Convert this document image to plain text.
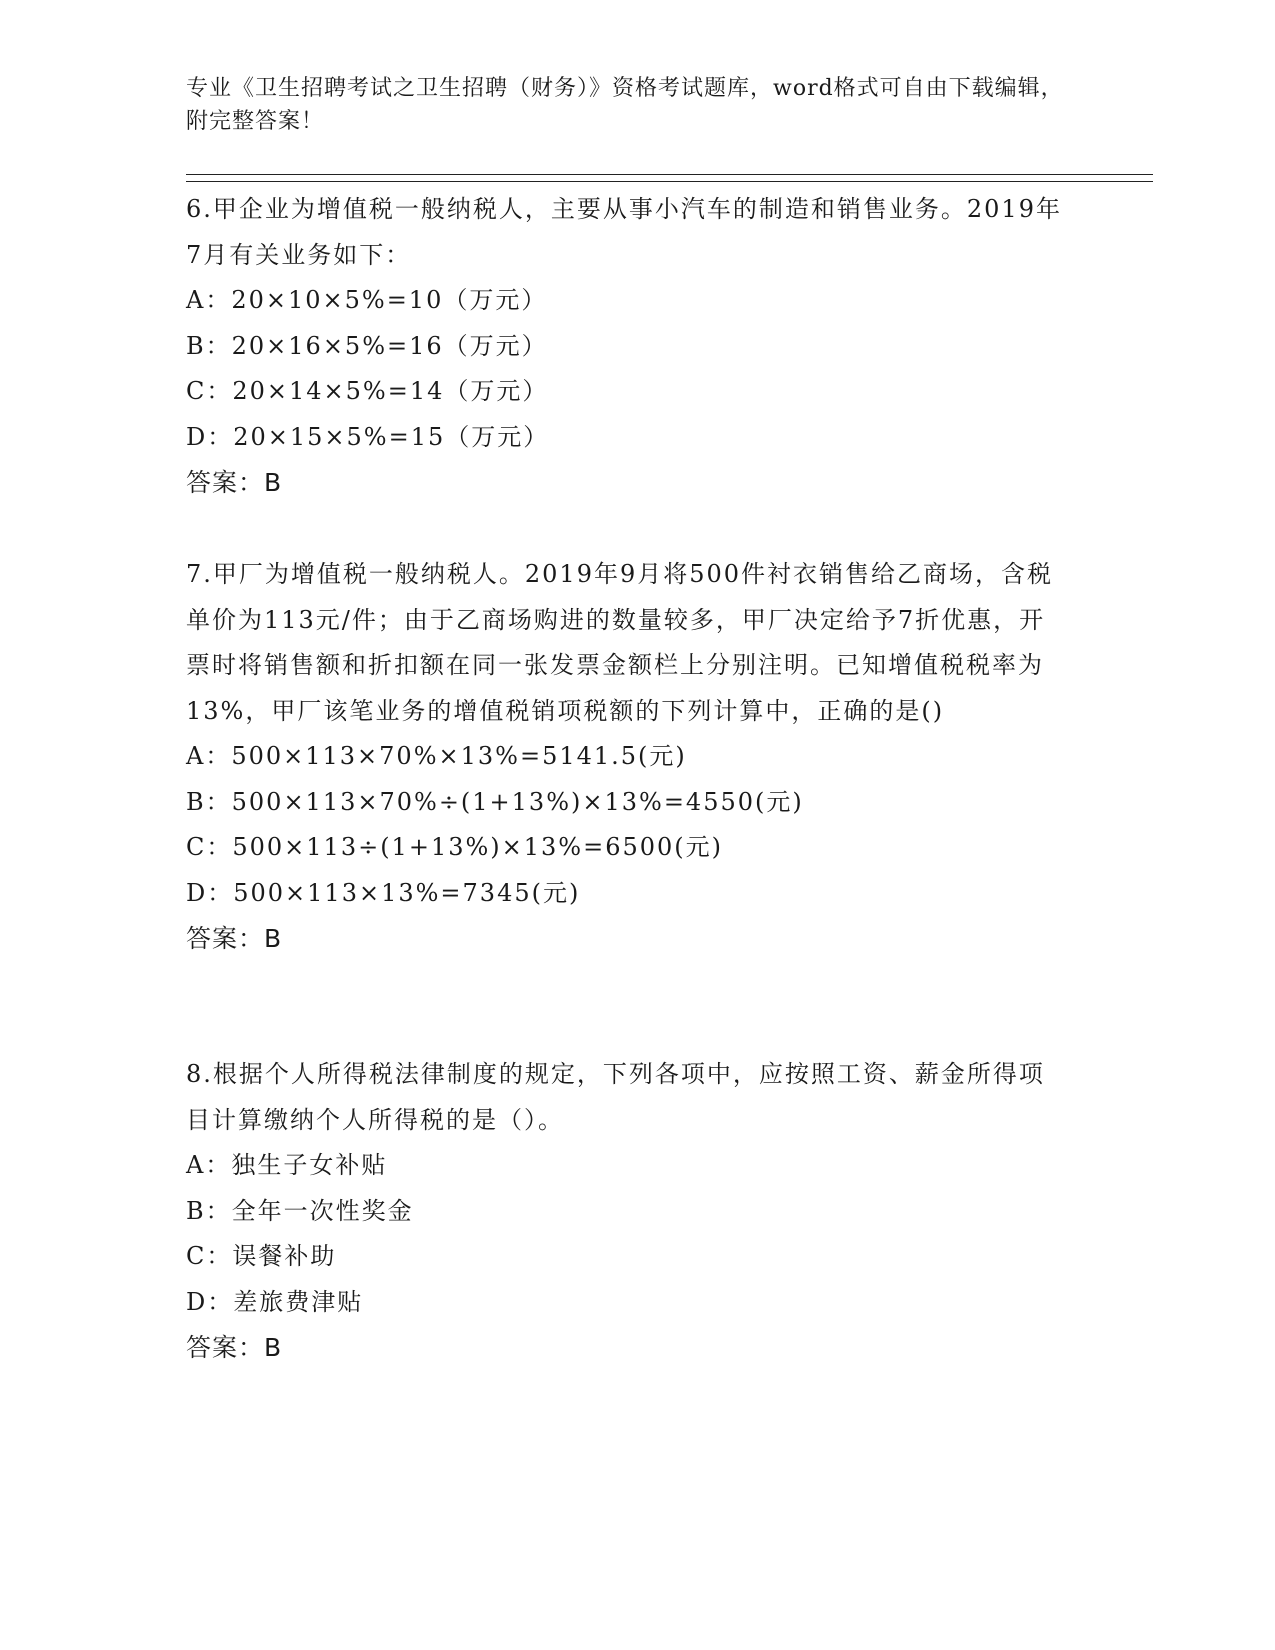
专业《卫生招聘考试之卫生招聘（财务）》资格考试题库，word格式可自由下载编辑，附完整答案！

6.甲企业为增值税一般纳税人，主要从事小汽车的制造和销售业务。2019年7月有关业务如下：

A：20×10×5%=10（万元）
B：20×16×5%=16（万元）
C：20×14×5%=14（万元）
D：20×15×5%=15（万元）
答案：B

7.甲厂为增值税一般纳税人。2019年9月将500件衬衣销售给乙商场，含税单价为113元/件；由于乙商场购进的数量较多，甲厂决定给予7折优惠，开票时将销售额和折扣额在同一张发票金额栏上分别注明。已知增值税税率为13%，甲厂该笔业务的增值税销项税额的下列计算中，正确的是()

A：500×113×70%×13%=5141.5(元)
B：500×113×70%÷(1+13%)×13%=4550(元)
C：500×113÷(1+13%)×13%=6500(元)
D：500×113×13%=7345(元)
答案：B

8.根据个人所得税法律制度的规定，下列各项中，应按照工资、薪金所得项目计算缴纳个人所得税的是（）。

A：独生子女补贴
B：全年一次性奖金
C：误餐补助
D：差旅费津贴
答案：B
